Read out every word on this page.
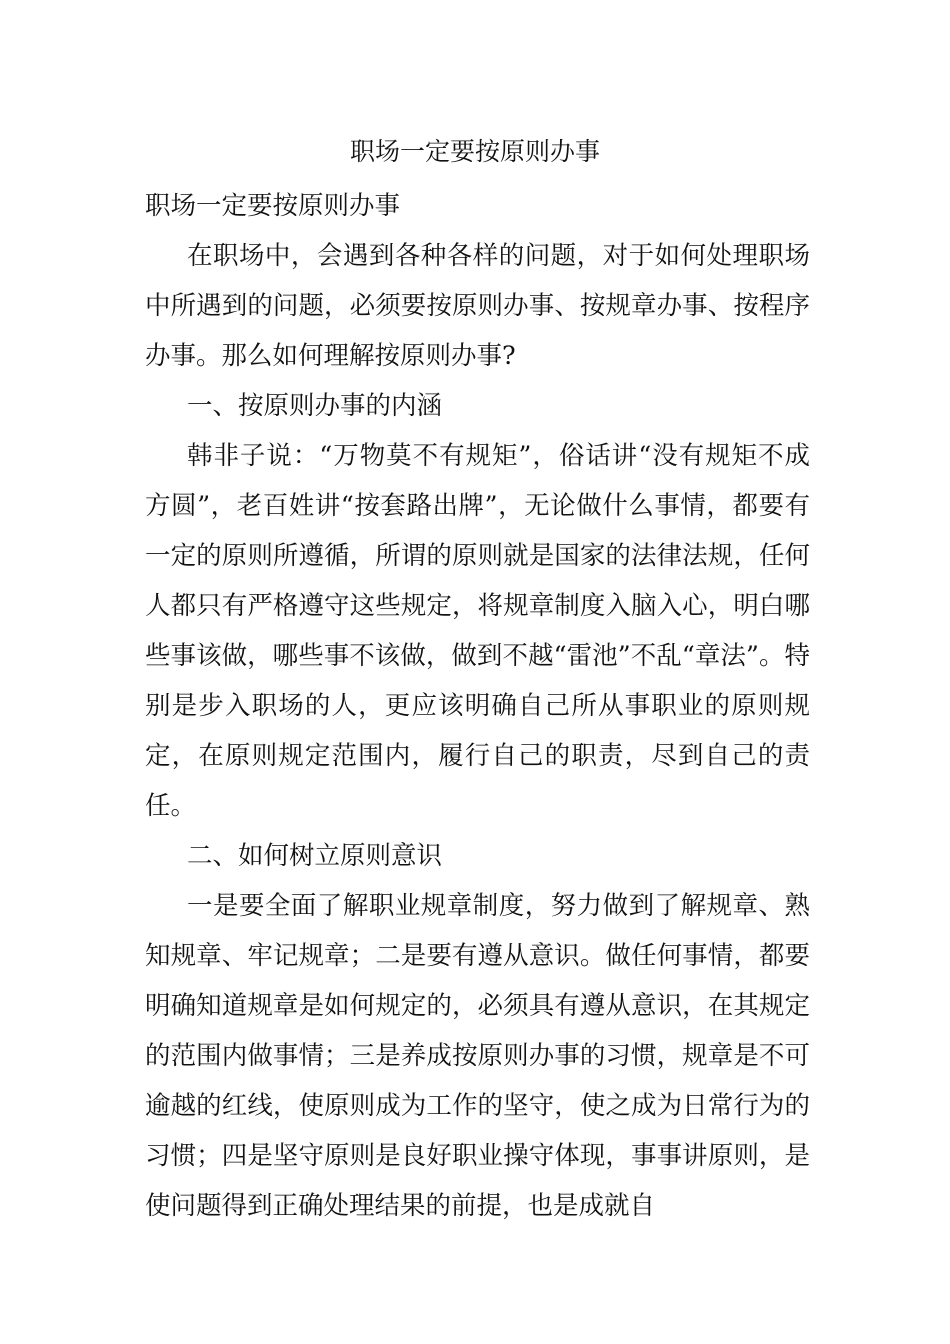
职场一定要按原则办事

职场一定要按原则办事

在职场中，会遇到各种各样的问题，对于如何处理职场中所遇到的问题，必须要按原则办事、按规章办事、按程序办事。那么如何理解按原则办事?

一、按原则办事的内涵

韩非子说：“万物莫不有规矩”，俗话讲“没有规矩不成方圆”，老百姓讲“按套路出牌”，无论做什么事情，都要有一定的原则所遵循，所谓的原则就是国家的法律法规，任何人都只有严格遵守这些规定，将规章制度入脑入心，明白哪些事该做，哪些事不该做，做到不越“雷池”不乱“章法”。特别是步入职场的人，更应该明确自己所从事职业的原则规定，在原则规定范围内，履行自己的职责，尽到自己的责任。

二、如何树立原则意识

一是要全面了解职业规章制度，努力做到了解规章、熟知规章、牢记规章；二是要有遵从意识。做任何事情，都要明确知道规章是如何规定的，必须具有遵从意识，在其规定的范围内做事情；三是养成按原则办事的习惯，规章是不可逾越的红线，使原则成为工作的坚守，使之成为日常行为的习惯；四是坚守原则是良好职业操守体现，事事讲原则，是使问题得到正确处理结果的前提，也是成就自
